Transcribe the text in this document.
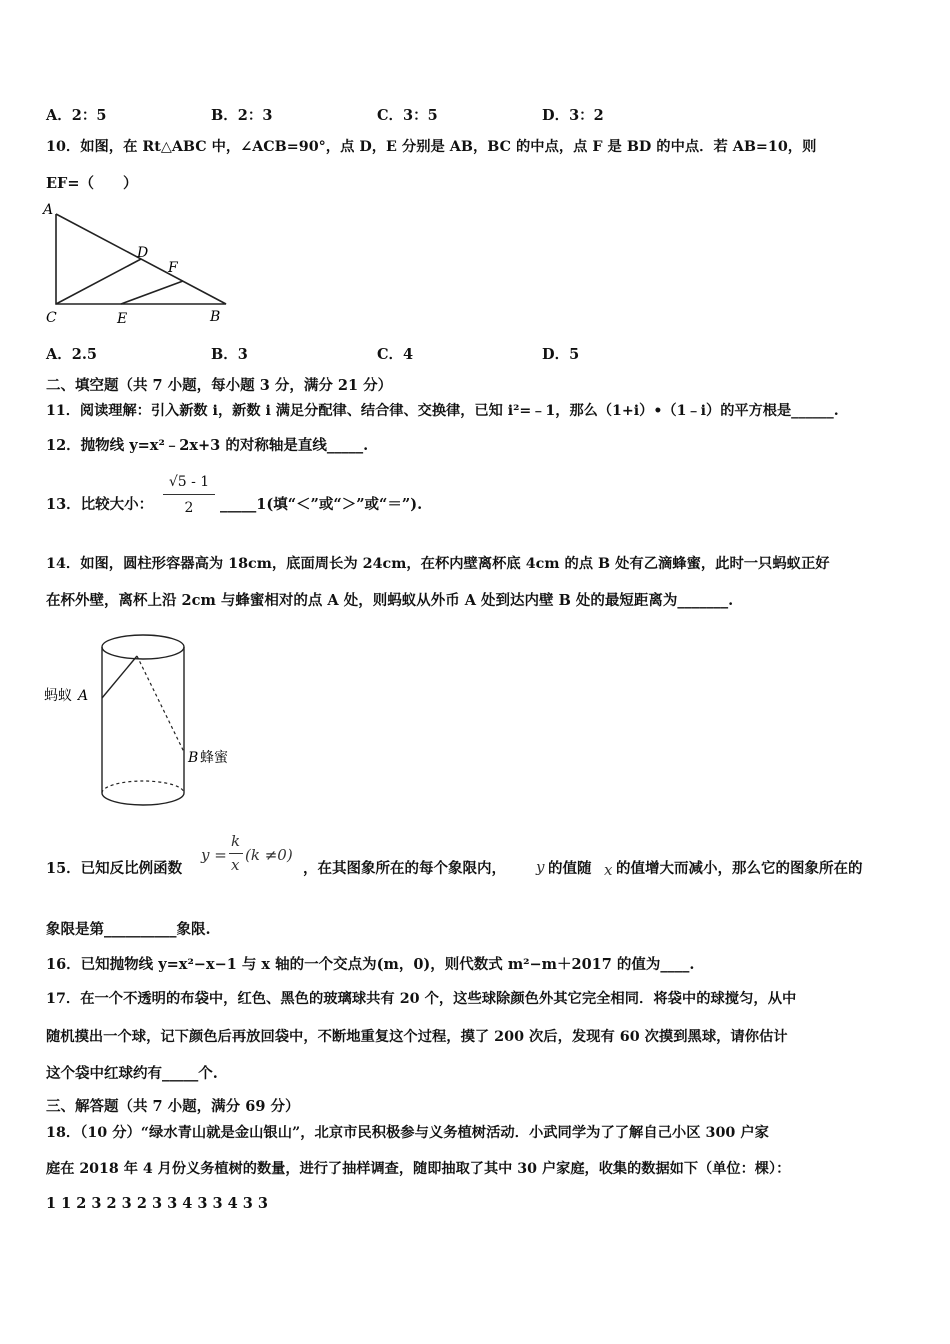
A．2：5	B．2：3	C．3：5	D．3：2
10．如图，在 Rt△ABC 中，∠ACB=90°，点 D，E 分别是 AB，BC 的中点，点 F 是 BD 的中点．若 AB=10，则
EF=（　　）
A
D
F
C	E	B
A．2.5	B．3	C．4	D．5
二、填空题（共 7 小题，每小题 3 分，满分 21 分）
11．阅读理解：引入新数 i，新数 i 满足分配律、结合律、交换律，已知 i²=﹣1，那么（1+i）•（1﹣i）的平方根是______.
12．抛物线 y=x²﹣2x+3 的对称轴是直线_____.
13．比较大小：
√5 - 1
2	_____1(填“＜”或“＞”或“＝”).
14．如图，圆柱形容器高为 18cm，底面周长为 24cm，在杯内壁离杯底 4cm 的点 B 处有乙滴蜂蜜，此时一只蚂蚁正好
在杯外壁，离杯上沿 2cm 与蜂蜜相对的点 A 处，则蚂蚁从外币 A 处到达内壁 B 处的最短距离为_______.
蚂蚁 A
B 蜂蜜
15．已知反比例函数
y =
k
x
(k ≠0)
，在其图象所在的每个象限内， y 的值随 x 的值增大而减小，那么它的图象所在的
象限是第__________象限.
16．已知抛物线 y=x²−x−1 与 x 轴的一个交点为(m，0)，则代数式 m²−m＋2017 的值为____.
17．在一个不透明的布袋中，红色、黑色的玻璃球共有 20 个，这些球除颜色外其它完全相同．将袋中的球搅匀，从中
随机摸出一个球，记下颜色后再放回袋中，不断地重复这个过程，摸了 200 次后，发现有 60 次摸到黑球，请你估计
这个袋中红球约有_____个.
三、解答题（共 7 小题，满分 69 分）
18．（10 分）“绿水青山就是金山银山”，北京市民积极参与义务植树活动．小武同学为了了解自己小区 300 户家
庭在 2018 年 4 月份义务植树的数量，进行了抽样调查，随即抽取了其中 30 户家庭，收集的数据如下（单位：棵）：
1 1 2 3 2 3 2 3 3 4 3 3 4 3 3
